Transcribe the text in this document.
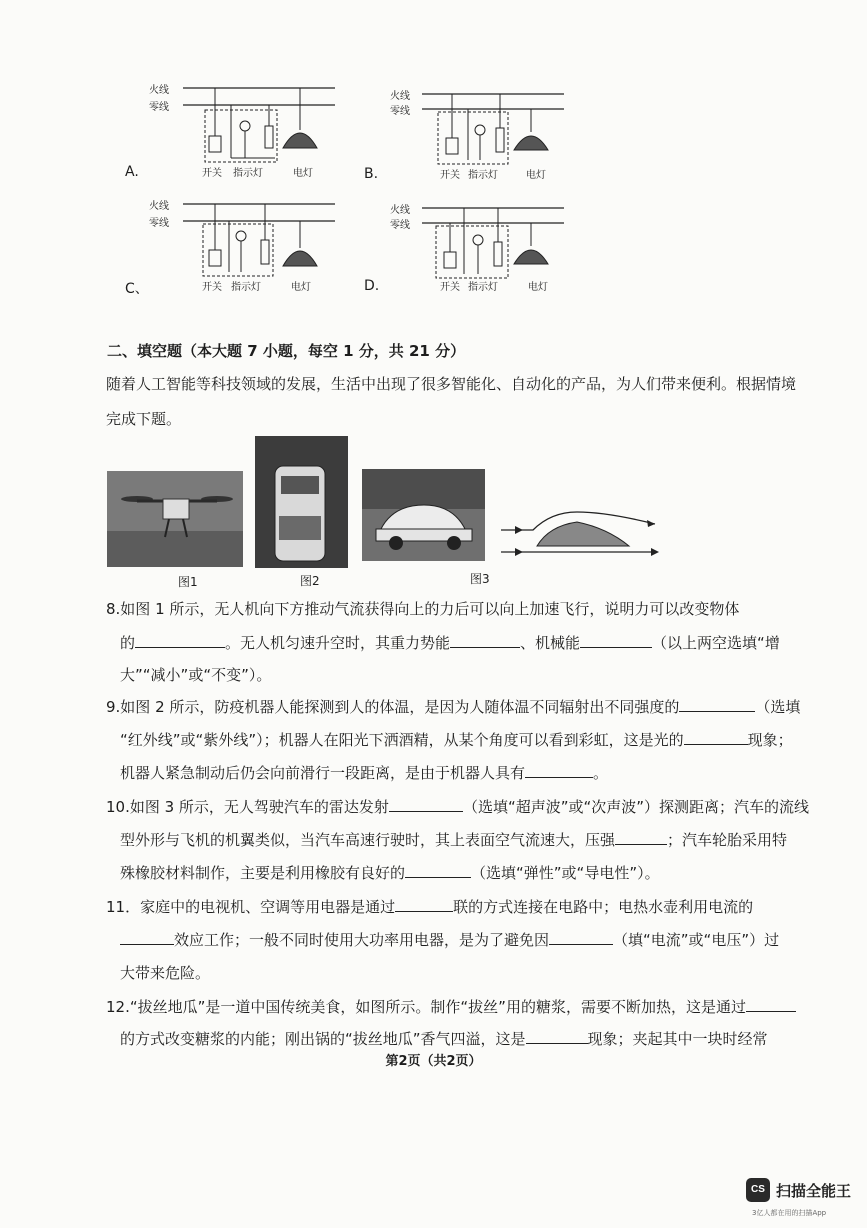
A.
火线
零线
开关 指示灯	电灯	B.
火线
零线
开关 指示灯	电灯
C、
火线
零线
开关 指示灯	电灯	D.
火线
零线
开关 指示灯	电灯
二、填空题（本大题 7 小题，每空 1 分，共 21 分）
随着人工智能等科技领域的发展，生活中出现了很多智能化、自动化的产品，为人们带来便利。根据情境
完成下题。
图1	图2	图3
8.如图 1 所示，无人机向下方推动气流获得向上的力后可以向上加速飞行，说明力可以改变物体
的	。无人机匀速升空时，其重力势能	、机械能	（以上两空选填“增
大”“减小”或“不变”）。
9.如图 2 所示，防疫机器人能探测到人的体温，是因为人随体温不同辐射出不同强度的	（选填
“红外线”或“紫外线”）；机器人在阳光下洒酒精，从某个角度可以看到彩虹，这是光的	现象；
机器人紧急制动后仍会向前滑行一段距离，是由于机器人具有	。
10.如图 3 所示，无人驾驶汽车的雷达发射	（选填“超声波”或“次声波”）探测距离；汽车的流线
型外形与飞机的机翼类似，当汽车高速行驶时，其上表面空气流速大，压强	；汽车轮胎采用特
殊橡胶材料制作，主要是利用橡胶有良好的	（选填“弹性”或“导电性”）。
11．家庭中的电视机、空调等用电器是通过	联的方式连接在电路中；电热水壶利用电流的
效应工作；一般不同时使用大功率用电器，是为了避免因	（填“电流”或“电压”）过
大带来危险。
12.“拔丝地瓜”是一道中国传统美食，如图所示。制作“拔丝”用的糖浆，需要不断加热，这是通过
的方式改变糖浆的内能；刚出锅的“拔丝地瓜”香气四溢，这是	现象；夹起其中一块时经常
第2页（共2页）
CS 扫描全能王
3亿人都在用的扫描App
